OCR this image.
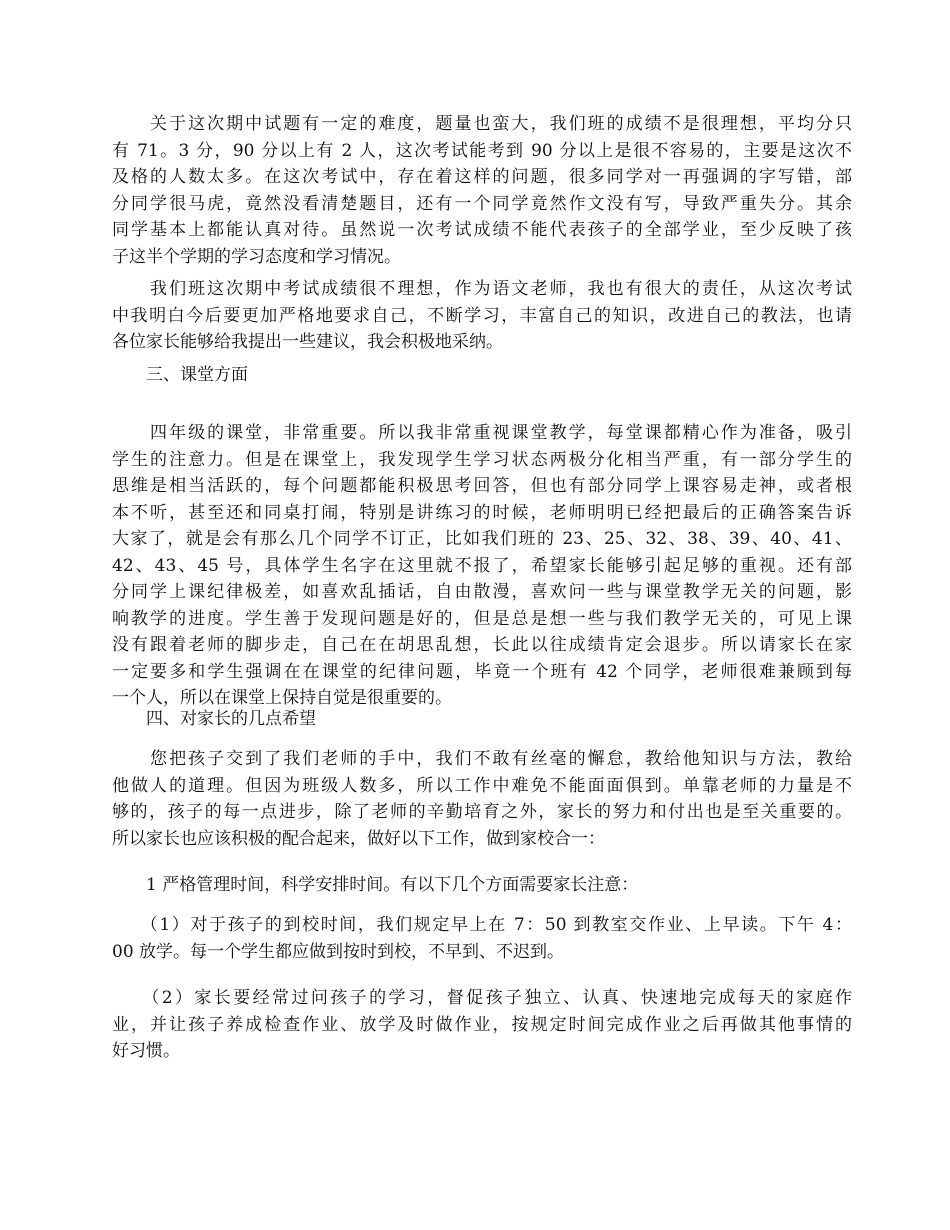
　　关于这次期中试题有一定的难度，题量也蛮大，我们班的成绩不是很理想，平均分只
有 71。3 分，90 分以上有 2 人，这次考试能考到 90 分以上是很不容易的，主要是这次不
及格的人数太多。在这次考试中，存在着这样的问题，很多同学对一再强调的字写错，部
分同学很马虎，竟然没看清楚题目，还有一个同学竟然作文没有写，导致严重失分。其余
同学基本上都能认真对待。虽然说一次考试成绩不能代表孩子的全部学业，至少反映了孩
子这半个学期的学习态度和学习情况。
　　我们班这次期中考试成绩很不理想，作为语文老师，我也有很大的责任，从这次考试
中我明白今后要更加严格地要求自己，不断学习，丰富自己的知识，改进自己的教法，也请
各位家长能够给我提出一些建议，我会积极地采纳。
　　三、课堂方面
　　四年级的课堂，非常重要。所以我非常重视课堂教学，每堂课都精心作为准备，吸引
学生的注意力。但是在课堂上，我发现学生学习状态两极分化相当严重，有一部分学生的
思维是相当活跃的，每个问题都能积极思考回答，但也有部分同学上课容易走神，或者根
本不听，甚至还和同桌打闹，特别是讲练习的时候，老师明明已经把最后的正确答案告诉
大家了，就是会有那么几个同学不订正，比如我们班的 23、25、32、38、39、40、41、
42、43、45 号，具体学生名字在这里就不报了，希望家长能够引起足够的重视。还有部
分同学上课纪律极差，如喜欢乱插话，自由散漫，喜欢问一些与课堂教学无关的问题，影
响教学的进度。学生善于发现问题是好的，但是总是想一些与我们教学无关的，可见上课
没有跟着老师的脚步走，自己在在胡思乱想，长此以往成绩肯定会退步。所以请家长在家
一定要多和学生强调在在课堂的纪律问题，毕竟一个班有 42 个同学，老师很难兼顾到每
一个人，所以在课堂上保持自觉是很重要的。
　　四、对家长的几点希望
　　您把孩子交到了我们老师的手中，我们不敢有丝毫的懈怠，教给他知识与方法，教给
他做人的道理。但因为班级人数多，所以工作中难免不能面面俱到。单靠老师的力量是不
够的，孩子的每一点进步，除了老师的辛勤培育之外，家长的努力和付出也是至关重要的。
所以家长也应该积极的配合起来，做好以下工作，做到家校合一：
　　1 严格管理时间，科学安排时间。有以下几个方面需要家长注意：
　　（1）对于孩子的到校时间，我们规定早上在 7：50 到教室交作业、上早读。下午 4：
00 放学。每一个学生都应做到按时到校，不早到、不迟到。
　　（2）家长要经常过问孩子的学习，督促孩子独立、认真、快速地完成每天的家庭作
业，并让孩子养成检查作业、放学及时做作业，按规定时间完成作业之后再做其他事情的
好习惯。
